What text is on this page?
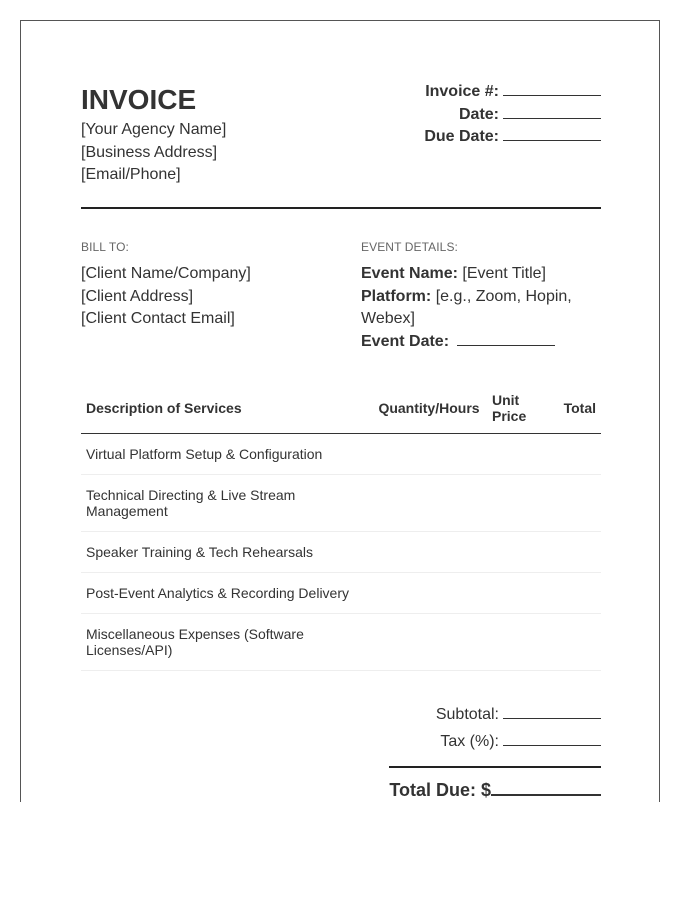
INVOICE
[Your Agency Name]
[Business Address]
[Email/Phone]
Invoice #:
Date:
Due Date:
BILL TO:
[Client Name/Company]
[Client Address]
[Client Contact Email]
EVENT DETAILS:
Event Name: [Event Title]
Platform: [e.g., Zoom, Hopin, Webex]
Event Date:
Description of Services	Quantity/Hours	Unit Price	Total
Virtual Platform Setup & Configuration			
Technical Directing & Live Stream Management			
Speaker Training & Tech Rehearsals			
Post-Event Analytics & Recording Delivery			
Miscellaneous Expenses (Software Licenses/API)			
Subtotal:
Tax (%):
Total Due: $
